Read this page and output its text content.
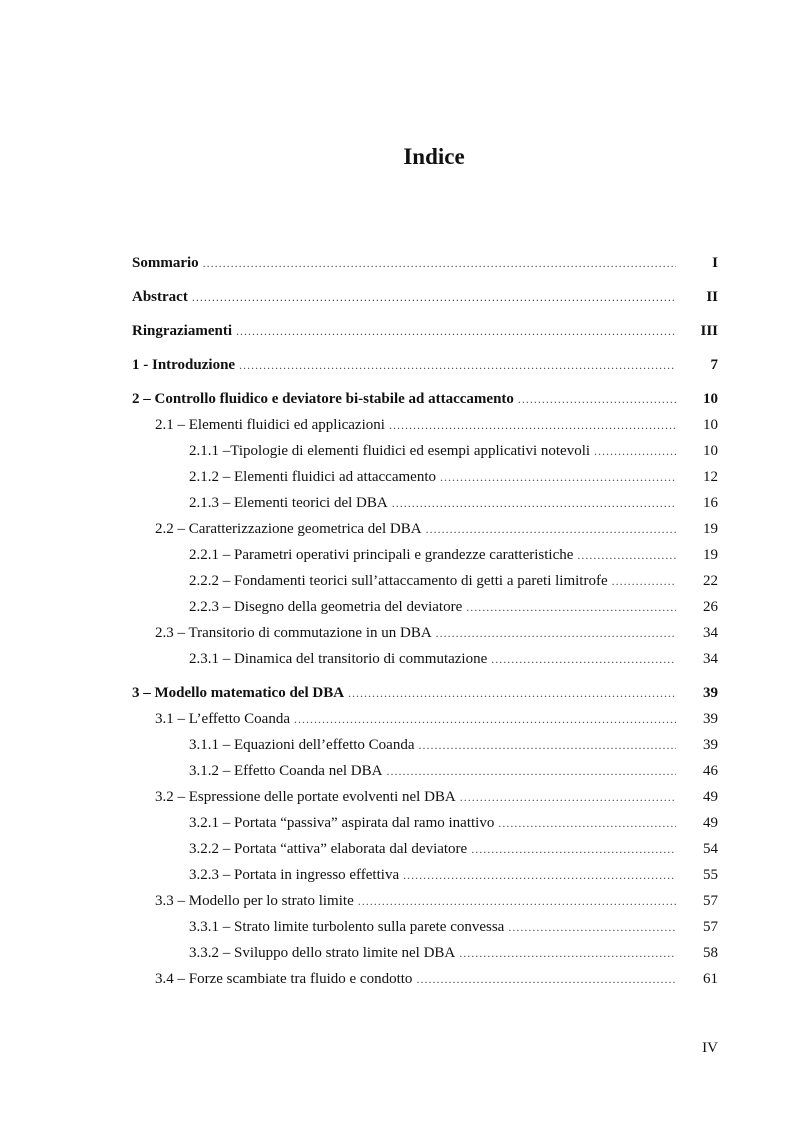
Indice
Sommario .....	I
Abstract .....	II
Ringraziamenti .....	III
1 - Introduzione .....	7
2 – Controllo fluidico e deviatore bi-stabile ad attaccamento .....	10
2.1 – Elementi fluidici ed applicazioni .....	10
2.1.1 –Tipologie di elementi fluidici ed esempi applicativi notevoli .....	10
2.1.2 – Elementi fluidici ad attaccamento .....	12
2.1.3 – Elementi teorici del DBA .....	16
2.2 – Caratterizzazione geometrica del DBA .....	19
2.2.1 – Parametri operativi principali e grandezze caratteristiche .....	19
2.2.2 – Fondamenti teorici sull’attaccamento di getti a pareti limitrofe .....	22
2.2.3 – Disegno della geometria del deviatore .....	26
2.3 – Transitorio di commutazione in un DBA .....	34
2.3.1 – Dinamica del transitorio di commutazione .....	34
3 – Modello matematico del DBA .....	39
3.1 – L’effetto Coanda .....	39
3.1.1 – Equazioni dell’effetto Coanda .....	39
3.1.2 – Effetto Coanda nel DBA .....	46
3.2 – Espressione delle portate evolventi nel DBA .....	49
3.2.1 – Portata “passiva” aspirata dal ramo inattivo .....	49
3.2.2 – Portata “attiva” elaborata dal deviatore .....	54
3.2.3 – Portata in ingresso effettiva .....	55
3.3 – Modello per lo strato limite .....	57
3.3.1 – Strato limite turbolento sulla parete convessa .....	57
3.3.2 – Sviluppo dello strato limite nel DBA .....	58
3.4 – Forze scambiate tra fluido e condotto .....	61
IV
